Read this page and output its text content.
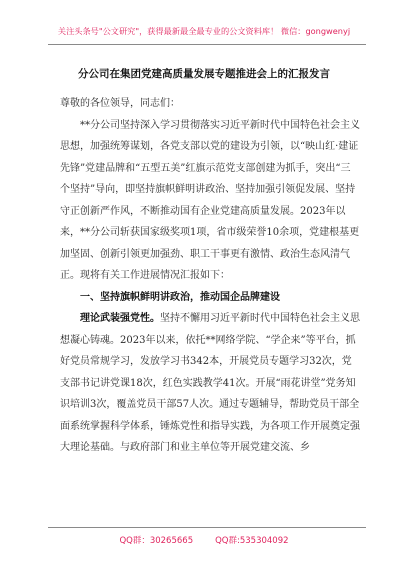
关注头条号"公文研究"，获得最新最全最专业的公文资料库！ 微信：gongwenyj
分公司在集团党建高质量发展专题推进会上的汇报发言

尊敬的各位领导，同志们：

**分公司坚持深入学习贯彻落实习近平新时代中国特色社会主义思想，加强统筹谋划，各党支部以党的建设为引领，以“映山红·建证先锋”党建品牌和“五型五美”红旗示范党支部创建为抓手，突出“三个坚持”导向，即坚持旗帜鲜明讲政治、坚持加强引领促发展、坚持守正创新严作风，不断推动国有企业党建高质量发展。2023年以来，**分公司斩获国家级奖项1项，省市级荣誉10余项，党建根基更加坚固、创新引领更加强劲、职工干事更有激情、政治生态风清气正。现将有关工作进展情况汇报如下：

一、坚持旗帜鲜明讲政治，推动国企品牌建设

理论武装强党性。坚持不懈用习近平新时代中国特色社会主义思想凝心铸魂。2023年以来，依托**网络学院、“学企来”等平台，抓好党员常规学习，发放学习书342本，开展党员专题学习32次，党支部书记讲党课18次，红色实践教学41次。开展“雨花讲堂”党务知识培训3次，覆盖党员干部57人次。通过专题辅导，帮助党员干部全面系统掌握科学体系，锤炼党性和指导实践，为各项工作开展奠定强大理论基础。与政府部门和业主单位等开展党建交流、乡

QQ群：30265665	QQ群:535304092
